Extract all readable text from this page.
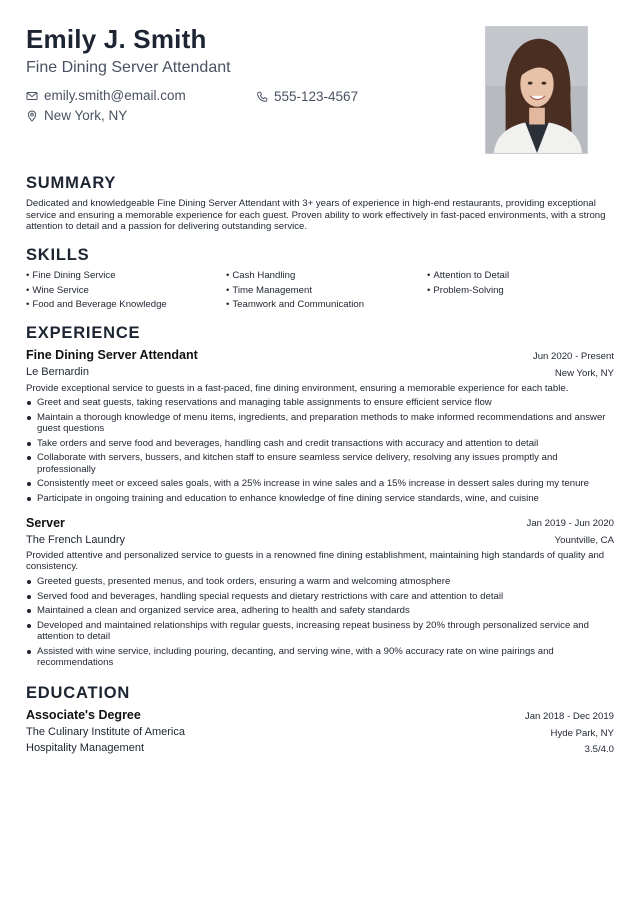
Emily J. Smith
Fine Dining Server Attendant
emily.smith@email.com	555-123-4567
New York, NY
SUMMARY
Dedicated and knowledgeable Fine Dining Server Attendant with 3+ years of experience in high-end restaurants, providing exceptional service and ensuring a memorable experience for each guest. Proven ability to work effectively in fast-paced environments, with a strong attention to detail and a passion for delivering outstanding service.
SKILLS
• Fine Dining Service	• Cash Handling	• Attention to Detail
• Wine Service	• Time Management	• Problem-Solving
• Food and Beverage Knowledge	• Teamwork and Communication
EXPERIENCE
Fine Dining Server Attendant	Jun 2020 - Present
Le Bernardin	New York, NY
Provide exceptional service to guests in a fast-paced, fine dining environment, ensuring a memorable experience for each table.
Greet and seat guests, taking reservations and managing table assignments to ensure efficient service flow
Maintain a thorough knowledge of menu items, ingredients, and preparation methods to make informed recommendations and answer guest questions
Take orders and serve food and beverages, handling cash and credit transactions with accuracy and attention to detail
Collaborate with servers, bussers, and kitchen staff to ensure seamless service delivery, resolving any issues promptly and professionally
Consistently meet or exceed sales goals, with a 25% increase in wine sales and a 15% increase in dessert sales during my tenure
Participate in ongoing training and education to enhance knowledge of fine dining service standards, wine, and cuisine
Server	Jan 2019 - Jun 2020
The French Laundry	Yountville, CA
Provided attentive and personalized service to guests in a renowned fine dining establishment, maintaining high standards of quality and consistency.
Greeted guests, presented menus, and took orders, ensuring a warm and welcoming atmosphere
Served food and beverages, handling special requests and dietary restrictions with care and attention to detail
Maintained a clean and organized service area, adhering to health and safety standards
Developed and maintained relationships with regular guests, increasing repeat business by 20% through personalized service and attention to detail
Assisted with wine service, including pouring, decanting, and serving wine, with a 90% accuracy rate on wine pairings and recommendations
EDUCATION
Associate's Degree	Jan 2018 - Dec 2019
The Culinary Institute of America	Hyde Park, NY
Hospitality Management	3.5/4.0
